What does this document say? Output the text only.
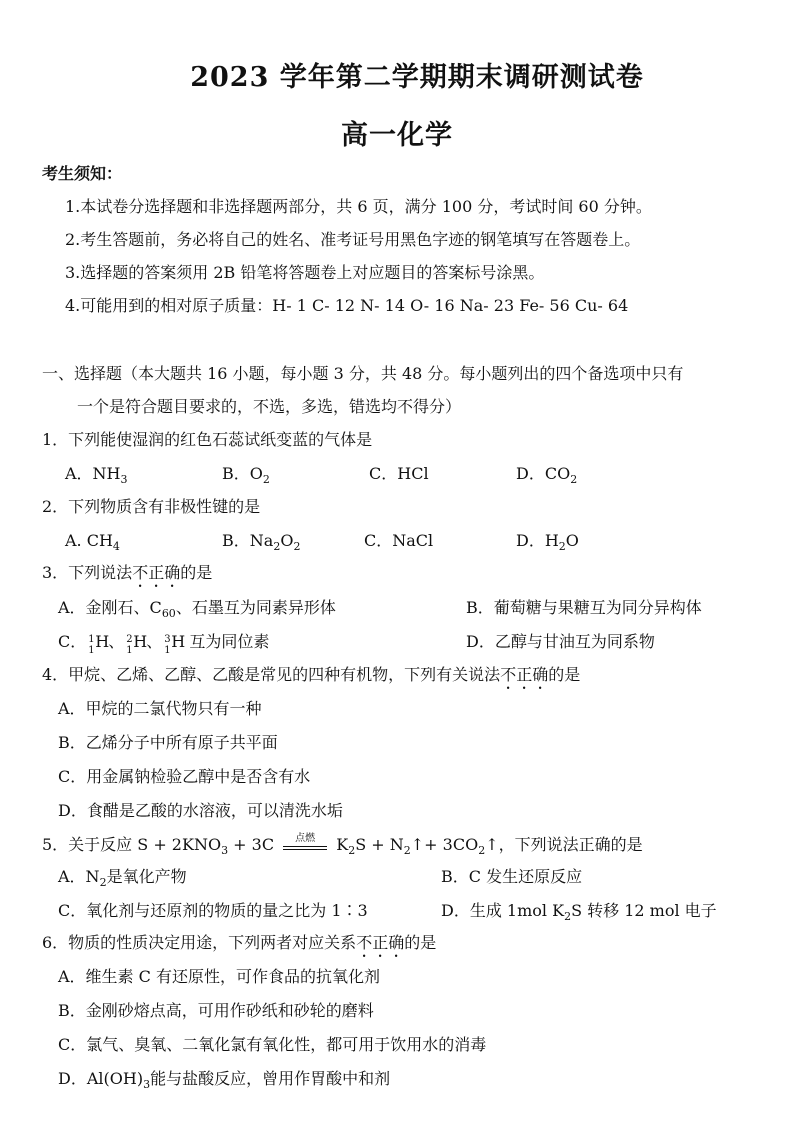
2023 学年第二学期期末调研测试卷
高一化学
考生须知：
1.本试卷分选择题和非选择题两部分，共 6 页，满分 100 分，考试时间 60 分钟。
2.考生答题前，务必将自己的姓名、准考证号用黑色字迹的钢笔填写在答题卷上。
3.选择题的答案须用 2B 铅笔将答题卷上对应题目的答案标号涂黑。
4.可能用到的相对原子质量：H- 1 C- 12 N- 14 O- 16 Na- 23 Fe- 56 Cu- 64
一、选择题（本大题共 16 小题，每小题 3 分，共 48 分。每小题列出的四个备选项中只有
一个是符合题目要求的，不选，多选，错选均不得分）
1．下列能使湿润的红色石蕊试纸变蓝的气体是
A．$NH_3$	B．$O_2$	C．HCl	D．$CO_2$
2．下列物质含有非极性键的是
A. $CH_4$	B．$Na_2O_2$	C．NaCl	D．$H_2O$
3．下列说法不正确的是
A．金刚石、$C_{60}$、石墨互为同素异形体	B．葡萄糖与果糖互为同分异构体
C． 1
1 H 、 2
1 H 、 3
1 H 互为同位素	D．乙醇与甘油互为同系物
4．甲烷、乙烯、乙醇、乙酸是常见的四种有机物，下列有关说法不正确的是
A．甲烷的二氯代物只有一种
B．乙烯分子中所有原子共平面
C．用金属钠检验乙醇中是否含有水
D．食醋是乙酸的水溶液，可以清洗水垢
5．关于反应 $S + 2KNO_3 + 3C$	点燃	$K_2S$ + $N_2↑+$ $3CO_2↑$，下列说法正确的是
A．$N_2$是氧化产物	B．C 发生还原反应
C．氧化剂与还原剂的物质的量之比为 1∶3	D．生成 1mol $K_2S$ 转移 12 mol 电子
6．物质的性质决定用途，下列两者对应关系不正确的是
A．维生素 C 有还原性，可作食品的抗氧化剂
B．金刚砂熔点高，可用作砂纸和砂轮的磨料
C．氯气、臭氧、二氧化氯有氧化性，都可用于饮用水的消毒
D．$Al(OH)_3$能与盐酸反应，曾用作胃酸中和剂
